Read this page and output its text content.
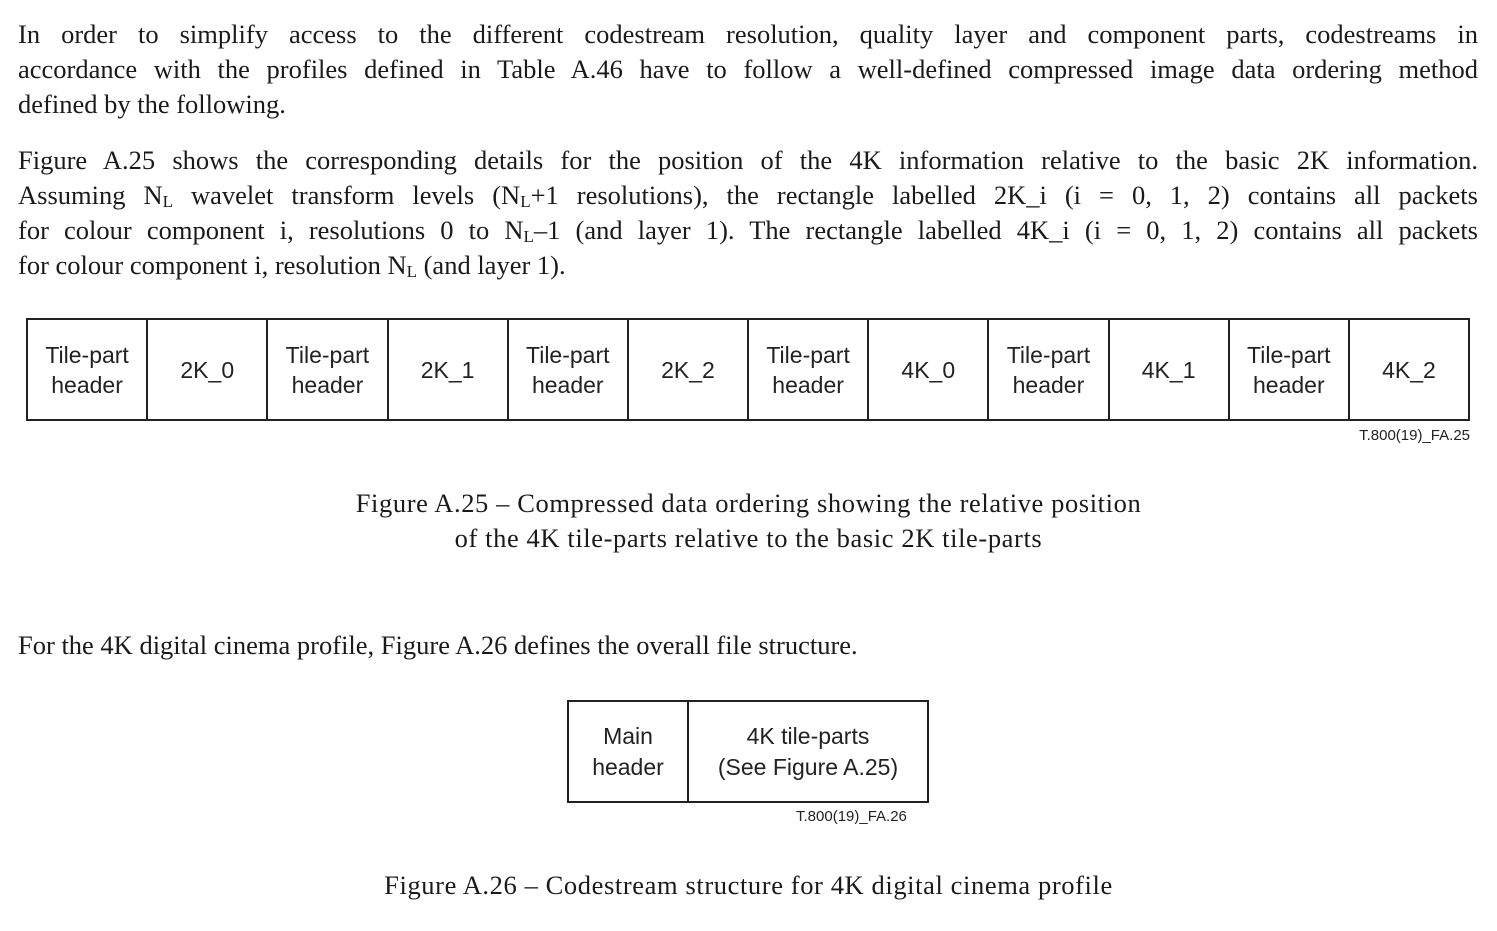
In order to simplify access to the different codestream resolution, quality layer and component parts, codestreams in
accordance with the profiles defined in Table A.46 have to follow a well-defined compressed image data ordering method
defined by the following.
Figure A.25 shows the corresponding details for the position of the 4K information relative to the basic 2K information.
Assuming $N_L$ wavelet transform levels ($N_L+1$ resolutions), the rectangle labelled 2K_i (i = 0, 1, 2) contains all packets
for colour component i, resolutions 0 to $N_L-1$ (and layer 1). The rectangle labelled 4K_i (i = 0, 1, 2) contains all packets
for colour component i, resolution $N_L$ (and layer 1).
Tile-part
header
2K_0
Tile-part
header
2K_1
Tile-part
header
2K_2
Tile-part
header
4K_0
Tile-part
header
4K_1
Tile-part
header
4K_2
T.800(19)_FA.25
Figure A.25 – Compressed data ordering showing the relative position
of the 4K tile-parts relative to the basic 2K tile-parts

For the 4K digital cinema profile, Figure A.26 defines the overall file structure.

Main
header
4K tile-parts
(See Figure A.25)
T.800(19)_FA.26
Figure A.26 – Codestream structure for 4K digital cinema profile
